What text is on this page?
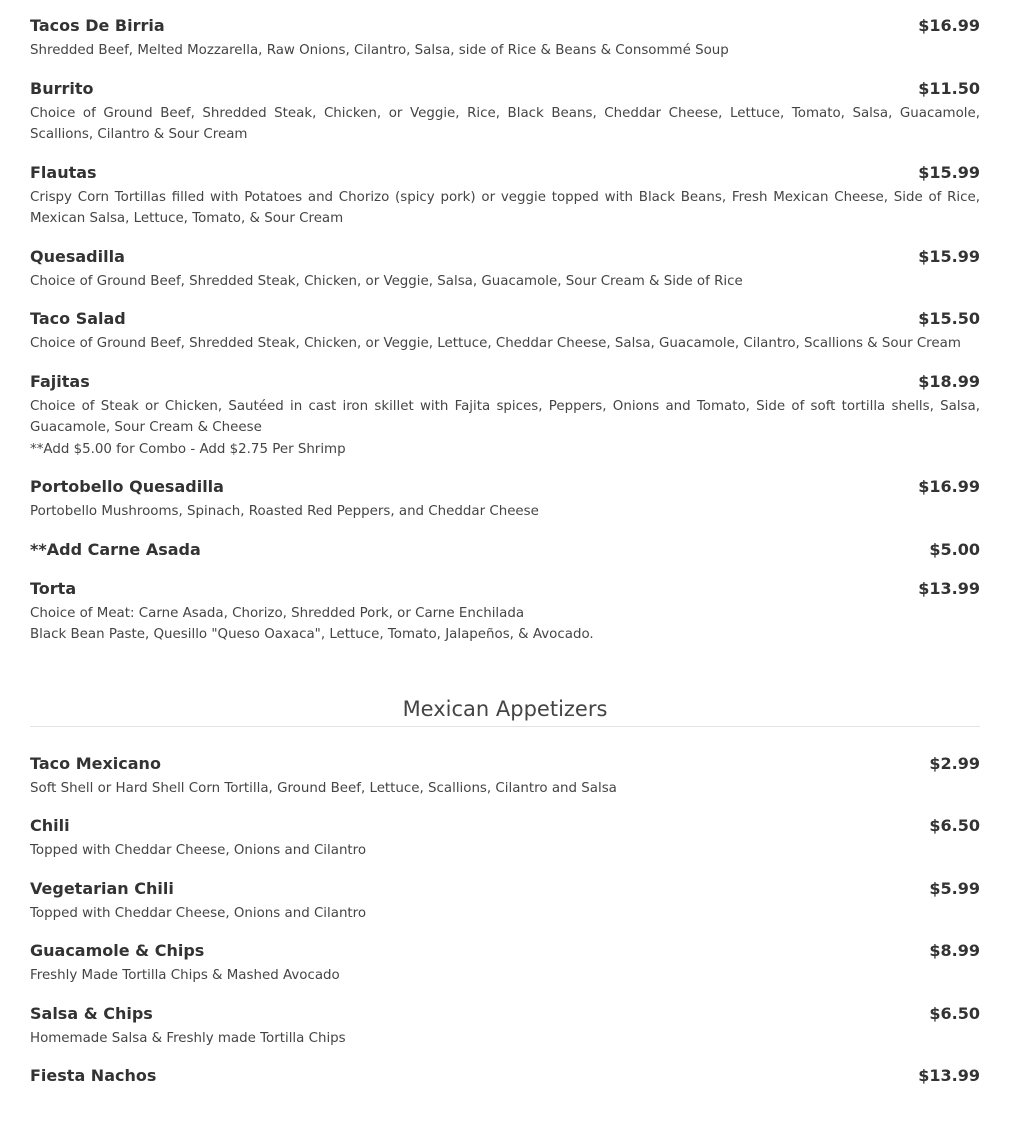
Tacos De Birria	$16.99
Shredded Beef, Melted Mozzarella, Raw Onions, Cilantro, Salsa, side of Rice & Beans & Consommé Soup
Burrito	$11.50
Choice of Ground Beef, Shredded Steak, Chicken, or Veggie, Rice, Black Beans, Cheddar Cheese, Lettuce, Tomato, Salsa, Guacamole, Scallions, Cilantro & Sour Cream
Flautas	$15.99
Crispy Corn Tortillas filled with Potatoes and Chorizo (spicy pork) or veggie topped with Black Beans, Fresh Mexican Cheese, Side of Rice, Mexican Salsa, Lettuce, Tomato, & Sour Cream
Quesadilla	$15.99
Choice of Ground Beef, Shredded Steak, Chicken, or Veggie, Salsa, Guacamole, Sour Cream & Side of Rice
Taco Salad	$15.50
Choice of Ground Beef, Shredded Steak, Chicken, or Veggie, Lettuce, Cheddar Cheese, Salsa, Guacamole, Cilantro, Scallions & Sour Cream
Fajitas	$18.99
Choice of Steak or Chicken, Sautéed in cast iron skillet with Fajita spices, Peppers, Onions and Tomato, Side of soft tortilla shells, Salsa, Guacamole, Sour Cream & Cheese
**Add $5.00 for Combo - Add $2.75 Per Shrimp
Portobello Quesadilla	$16.99
Portobello Mushrooms, Spinach, Roasted Red Peppers, and Cheddar Cheese
**Add Carne Asada	$5.00
Torta	$13.99
Choice of Meat: Carne Asada, Chorizo, Shredded Pork, or Carne Enchilada
Black Bean Paste, Quesillo "Queso Oaxaca", Lettuce, Tomato, Jalapeños, & Avocado.
Mexican Appetizers
Taco Mexicano	$2.99
Soft Shell or Hard Shell Corn Tortilla, Ground Beef, Lettuce, Scallions, Cilantro and Salsa
Chili	$6.50
Topped with Cheddar Cheese, Onions and Cilantro
Vegetarian Chili	$5.99
Topped with Cheddar Cheese, Onions and Cilantro
Guacamole & Chips	$8.99
Freshly Made Tortilla Chips & Mashed Avocado
Salsa & Chips	$6.50
Homemade Salsa & Freshly made Tortilla Chips
Fiesta Nachos	$13.99
